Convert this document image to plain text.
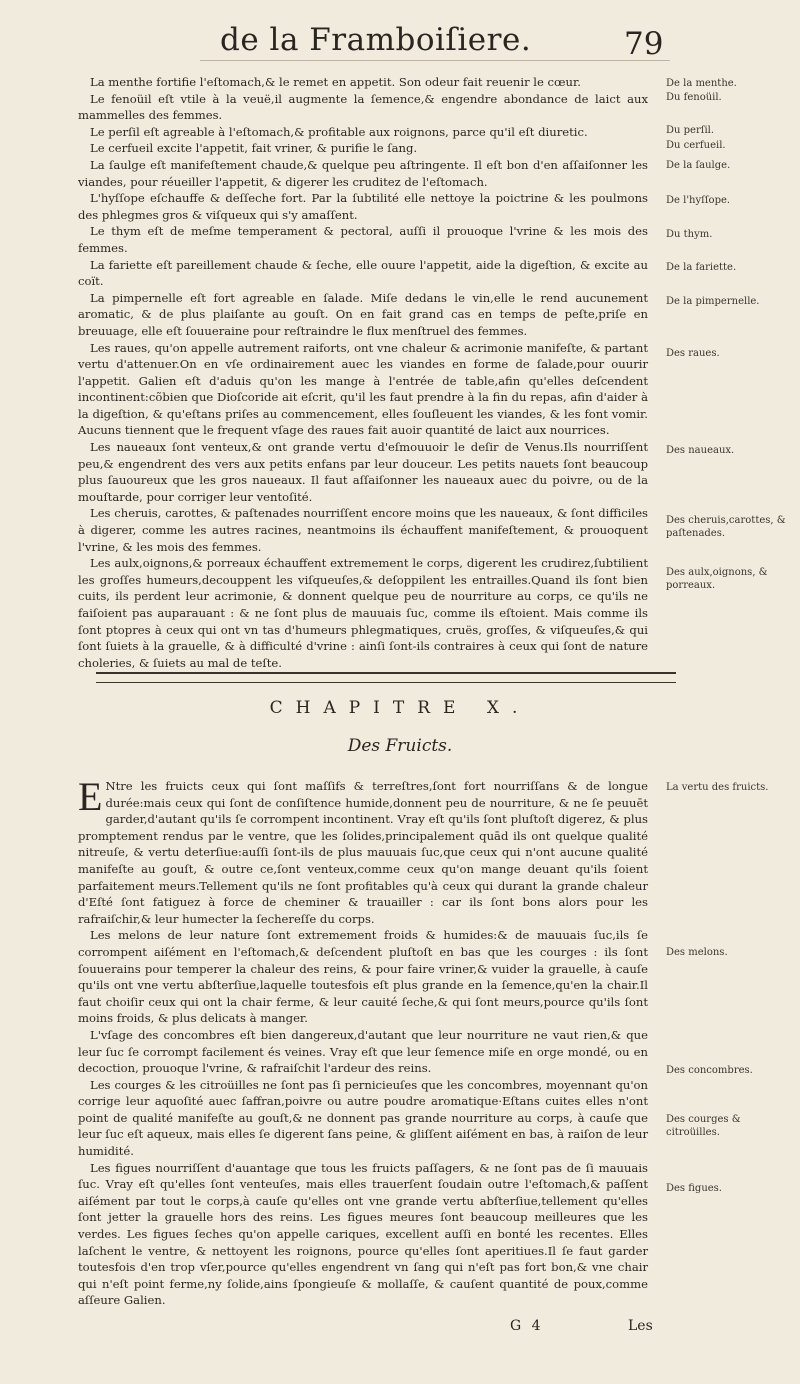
de la Framboiſiere.	79

La menthe fortifie l'eſtomach,& le remet en appetit. Son odeur fait reuenir le cœur.

Le fenoüil eſt vtile à la veuë,il augmente la ſemence,& engendre abondance de laict aux mammelles des femmes.

Le perſil eſt agreable à l'eſtomach,& profitable aux roignons, parce qu'il eſt diuretic.

Le cerfueil excite l'appetit, fait vriner, & purifie le ſang.

La ſaulge eſt manifeſtement chaude,& quelque peu aſtringente. Il eſt bon d'en aſſaiſonner les viandes, pour réueiller l'appetit, & digerer les cruditez de l'eſtomach.

L'hyſſope eſchauffe & deſſeche fort. Par la ſubtilité elle nettoye la poictrine & les poulmons des phlegmes gros & viſqueux qui s'y amaſſent.

Le thym eſt de meſme temperament & pectoral, auſſi il prouoque l'vrine & les mois des femmes.

La fariette eſt pareillement chaude & ſeche, elle ouure l'appetit, aide la digeſtion, & excite au coït.

La pimpernelle eſt fort agreable en ſalade. Miſe dedans le vin,elle le rend aucunement aromatic, & de plus plaiſante au gouſt. On en fait grand cas en temps de peſte,priſe en breuuage, elle eſt ſouueraine pour reſtraindre le flux menſtruel des femmes.

Les raues, qu'on appelle autrement raiforts, ont vne chaleur & acrimonie manifeſte, & partant vertu d'attenuer.On en vſe ordinairement auec les viandes en forme de ſalade,pour ouurir l'appetit. Galien eſt d'aduis qu'on les mange à l'entrée de table,afin qu'elles deſcendent incontinent:cõbien que Dioſcoride ait eſcrit, qu'il les faut prendre à la fin du repas, afin d'aider à la digeſtion, & qu'eſtans priſes au commencement, elles ſouſleuent les viandes, & les font vomir. Aucuns tiennent que le frequent vſage des raues fait auoir quantité de laict aux nourrices.

Les naueaux ſont venteux,& ont grande vertu d'eſmouuoir le deſir de Venus.Ils nourriſſent peu,& engendrent des vers aux petits enfans par leur douceur. Les petits nauets ſont beaucoup plus ſauoureux que les gros naueaux. Il faut aſſaiſonner les naueaux auec du poivre, ou de la mouſtarde, pour corriger leur ventoſité.

Les cheruis, carottes, & paſtenades nourriſſent encore moins que les naueaux, & ſont difficiles à digerer, comme les autres racines, neantmoins ils échauffent manifeſtement, & prouoquent l'vrine, & les mois des femmes.

Les aulx,oignons,& porreaux échauffent extremement le corps, digerent les crudirez,ſubtilient les groſſes humeurs,decouppent les viſqueuſes,& deſoppilent les entrailles.Quand ils ſont bien cuits, ils perdent leur acrimonie, & donnent quelque peu de nourriture au corps, ce qu'ils ne faiſoient pas auparauant : & ne ſont plus de mauuais ſuc, comme ils eſtoient. Mais comme ils ſont ptopres à ceux qui ont vn tas d'humeurs phlegmatiques, cruës, groſſes, & viſqueuſes,& qui ſont ſuiets à la grauelle, & à difficulté d'vrine : ainſi ſont-ils contraires à ceux qui ſont de nature choleries, & ſuiets au mal de teſte.

De la menthe.
Du fenoüil.
Du perſil.
Du cerfueil.
De la ſaulge.
De l'hyſſope.
Du thym.
De la fariette.
De la pimpernelle.
Des raues.
Des naueaux.
Des cheruis,carottes, & paſtenades.
Des aulx,oignons, & porreaux.
CHAPITRE X.
Des Fruicts.

E Ntre les fruicts ceux qui ſont maſſifs & terreſtres,ſont fort nourriſſans & de longue durée:mais ceux qui ſont de conſiſtence humide,donnent peu de nourriture, & ne ſe peuuēt garder,d'autant qu'ils ſe corrompent incontinent. Vray eſt qu'ils ſont pluſtoſt digerez, & plus promptement rendus par le ventre, que les ſolides,principalement quād ils ont quelque qualité nitreuſe, & vertu deterſiue:auſſi ſont-ils de plus mauuais ſuc,que ceux qui n'ont aucune qualité manifeſte au gouſt, & outre ce,ſont venteux,comme ceux qu'on mange deuant qu'ils ſoient parfaitement meurs.Tellement qu'ils ne ſont profitables qu'à ceux qui durant la grande chaleur d'Eſté ſont fatiguez à force de cheminer & trauailler : car ils ſont bons alors pour les rafraiſchir,& leur humecter la ſechereſſe du corps.

Les melons de leur nature ſont extremement froids & humides:& de mauuais ſuc,ils ſe corrompent aiſément en l'eſtomach,& deſcendent pluſtoſt en bas que les courges : ils ſont ſouuerains pour temperer la chaleur des reins, & pour faire vriner,& vuider la grauelle, à cauſe qu'ils ont vne vertu abſterſiue,laquelle toutesfois eſt plus grande en la ſemence,qu'en la chair.Il faut choiſir ceux qui ont la chair ferme, & leur cauité ſeche,& qui ſont meurs,pource qu'ils ſont moins froids, & plus delicats à manger.

L'vſage des concombres eſt bien dangereux,d'autant que leur nourriture ne vaut rien,& que leur ſuc ſe corrompt facilement és veines. Vray eſt que leur ſemence miſe en orge mondé, ou en decoction, prouoque l'vrine, & rafraiſchit l'ardeur des reins.

Les courges & les citroüilles ne ſont pas ſi pernicieuſes que les concombres, moyennant qu'on corrige leur aquoſité auec ſaffran,poivre ou autre poudre aromatique·Eſtans cuites elles n'ont point de qualité manifeſte au gouſt,& ne donnent pas grande nourriture au corps, à cauſe que leur ſuc eſt aqueux, mais elles ſe digerent ſans peine, & gliſſent aiſément en bas, à raiſon de leur humidité.

Les figues nourriſſent d'auantage que tous les fruicts paſſagers, & ne ſont pas de ſi mauuais ſuc. Vray eſt qu'elles ſont venteuſes, mais elles trauerſent ſoudain outre l'eſtomach,& paſſent aiſément par tout le corps,à cauſe qu'elles ont vne grande vertu abſterſiue,tellement qu'elles ſont jetter la grauelle hors des reins. Les figues meures ſont beaucoup meilleures que les verdes. Les figues ſeches qu'on appelle cariques, excellent auſſi en bonté les recentes. Elles laſchent le ventre, & nettoyent les roignons, pource qu'elles ſont aperitiues.Il ſe faut garder toutesfois d'en trop vſer,pource qu'elles engendrent vn ſang qui n'eſt pas fort bon,& vne chair qui n'eſt point ferme,ny ſolide,ains ſpongieuſe & mollaſſe, & cauſent quantité de poux,comme aſſeure Galien.

La vertu des fruicts.
Des melons.
Des concombres.
Des courges & citroüilles.
Des figues.
G 4	Les
